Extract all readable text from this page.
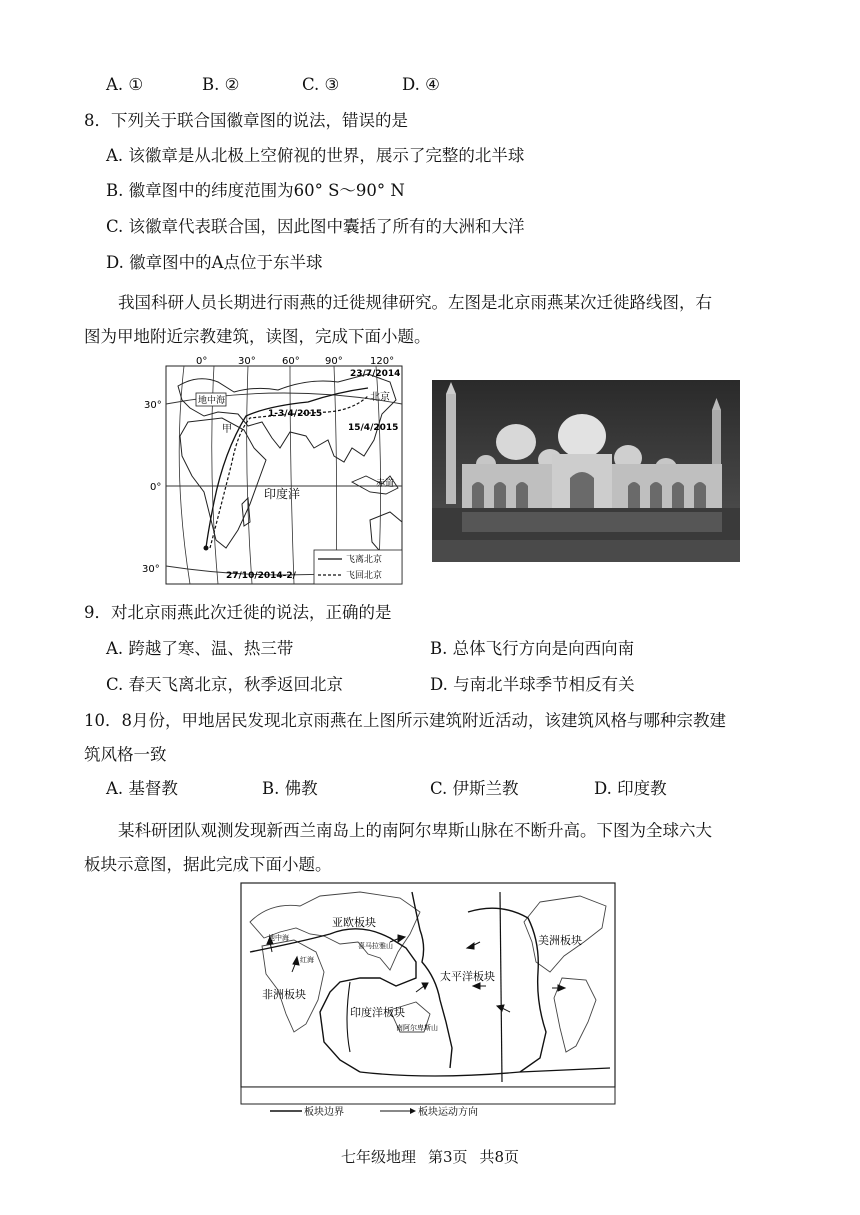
A. ①	B. ②	C. ③	D. ④
8．下列关于联合国徽章图的说法，错误的是
A. 该徽章是从北极上空俯视的世界，展示了完整的北半球
B. 徽章图中的纬度范围为60° S～90° N
C. 该徽章代表联合国，因此图中囊括了所有的大洲和大洋
D. 徽章图中的A点位于东半球
我国科研人员长期进行雨燕的迁徙规律研究。左图是北京雨燕某次迁徙路线图，右
图为甲地附近宗教建筑，读图，完成下面小题。
0°	30°	60°	90°	120°
30°
0°
30°
地中海
甲
北京
印度洋
赤道
23/7/2014
1-3/4/2015
15/4/2015
27/10/2014-2/
飞离北京
飞回北京
9．对北京雨燕此次迁徙的说法，正确的是
A. 跨越了寒、温、热三带	B. 总体飞行方向是向西向南
C. 春天飞离北京，秋季返回北京	D. 与南北半球季节相反有关
10．8月份，甲地居民发现北京雨燕在上图所示建筑附近活动，该建筑风格与哪种宗教建
筑风格一致
A. 基督教	B. 佛教	C. 伊斯兰教	D. 印度教
某科研团队观测发现新西兰南岛上的南阿尔卑斯山脉在不断升高。下图为全球六大
板块示意图，据此完成下面小题。
亚欧板块
美洲板块
非洲板块
太平洋板块
印度洋板块
地中海
红海
喜马拉雅山
南阿尔卑斯山
板块边界	板块运动方向
七年级地理 第3页 共8页
